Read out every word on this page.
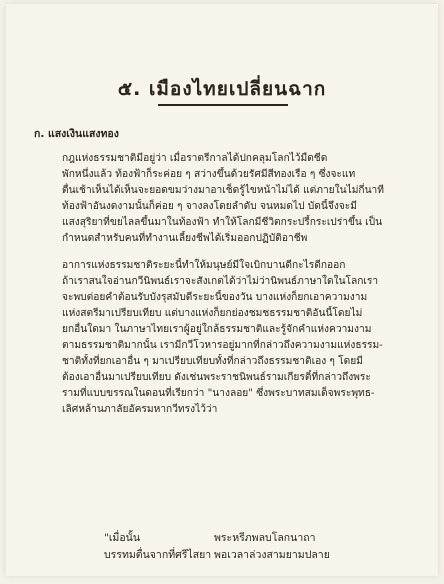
๕. เมืองไทยเปลี่ยนฉาก
ก. แสงเงินแสงทอง
กฎแห่งธรรมชาติมีอยู่ว่า เมื่อราตรีกาลได้ปกคลุมโลกไว้มืดชีด
พักหนึ่งแล้ว ท้องฟ้าก็ระค่อย ๆ สว่างขึ้นด้วยรัศมีสีทองเรือ ๆ ซึ่งจะแท
ตื่นเช้าเห็นได้เห็นจะยอดขมว่างมาอาเช็ดรู้ไขหน้าไม่ได้ แต่ภายในไม่กี่นาที
ท้องฟ้าอันงดงามนั้นก็ค่อย ๆ จางลงโดยลำดับ จนหมดไป บัดนี้จึงจะมี
แสงสุริยาที่ขยไลลขึ้นมาในท้องฟ้า ทำให้โลกมีชีวิตกระปรี้กระเปร่าขึ้น เป็น
กำหนดสำหรับคนที่ทำงานเลี้ยงชีพได้เริ่มออกปฏิบัติอาชีพ
อาการแห่งธรรมชาติระยะนี้ทำให้มนุษย์มีใจเบิกบานดีกะไรดีกออก
ถ้าเราสนใจอ่านกวีนิพนธ์เราจะสังเกตได้ว่าไม่ว่านิพนธ์ภาษาใดในโลกเรา
จะพบต่อยคำต้อนรับบังรุสมับดีระยะนี้ของวัน บางแห่งก็ยกเอาความงาม
แห่งสตรีมาเปรียบเทียบ แต่บางแห่งก็ยกย่องชมชธรรมชาติอันนี้โดยไม่
ยกอื่นใดมา ในภาษาไทยเราผู้อยู่ใกล้ธรรมชาติและรู้จักคำแห่งความงาม
ตามธรรมชาติมากนั้น เรามีกวีโวหารอยู่มากที่กล่าวถึงความงามแห่งธรรม-
ชาติทั้งที่ยกเอาอื่น ๆ มาเปรียบเทียบทั้งที่กล่าวถึงธรรมชาติเอง ๆ โดยมี
ต้องเอาอื่นมาเปรียบเทียบ ดังเช่นพระราชนิพนธ์รามเกียรติ์ที่กล่าวถึงพระ
รามที่แบบขรรณในดอนที่เรียกว่า "นางลอย" ซึ่งพระบาทสมเด็จพระพุทธ-
เลิศหล้านภาลัยอัครมหากวีทรงไว้ว่า
"เมื่อนั้น	พระหรีภพลบโลกนาถา
บรรทมตื่นจากที่ศรีไสยา พอเวลาล่วงสามยามปลาย
